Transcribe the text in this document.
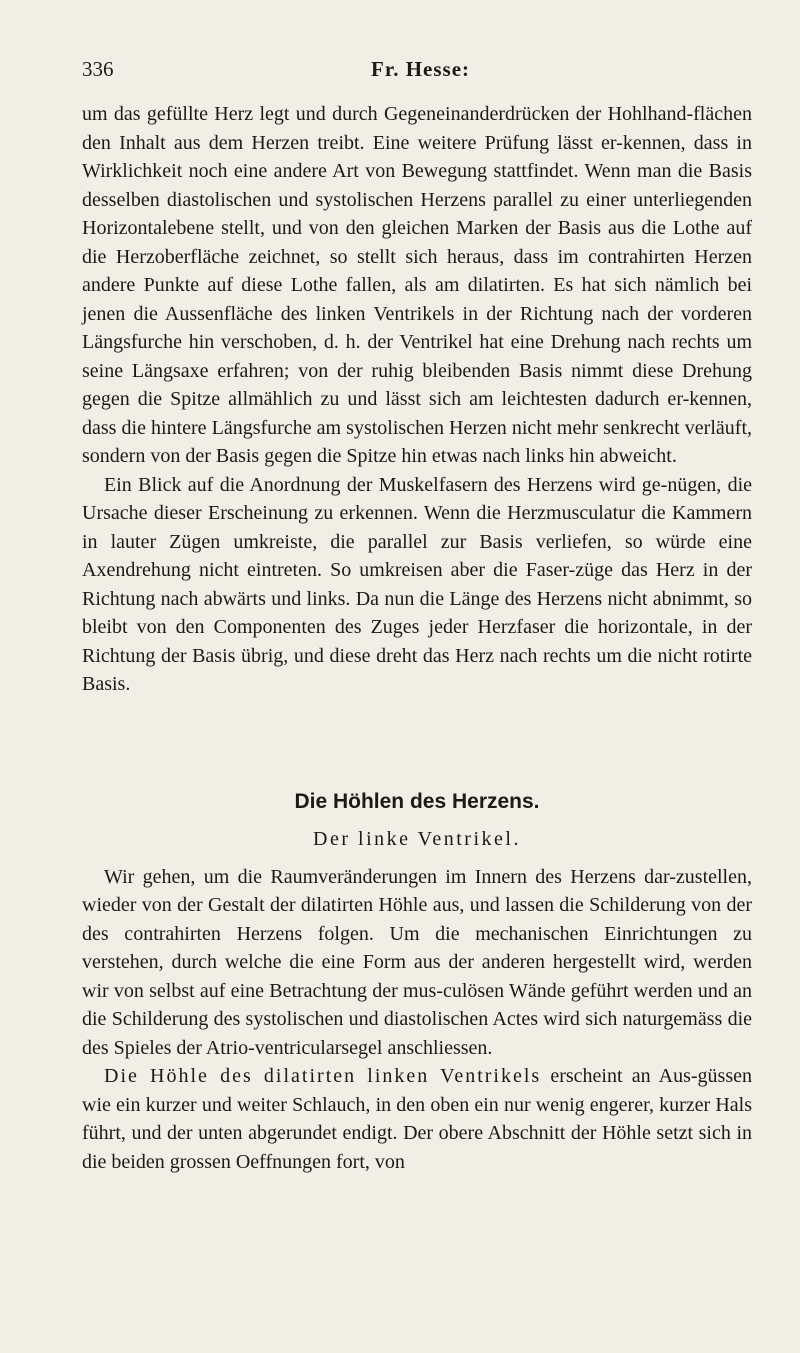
336	Fr. Hesse:

um das gefüllte Herz legt und durch Gegeneinanderdrücken der Hohlhand-flächen den Inhalt aus dem Herzen treibt. Eine weitere Prüfung lässt er-kennen, dass in Wirklichkeit noch eine andere Art von Bewegung stattfindet. Wenn man die Basis desselben diastolischen und systolischen Herzens parallel zu einer unterliegenden Horizontalebene stellt, und von den gleichen Marken der Basis aus die Lothe auf die Herzoberfläche zeichnet, so stellt sich heraus, dass im contrahirten Herzen andere Punkte auf diese Lothe fallen, als am dilatirten. Es hat sich nämlich bei jenen die Aussenfläche des linken Ventrikels in der Richtung nach der vorderen Längsfurche hin verschoben, d. h. der Ventrikel hat eine Drehung nach rechts um seine Längsaxe erfahren; von der ruhig bleibenden Basis nimmt diese Drehung gegen die Spitze allmählich zu und lässt sich am leichtesten dadurch er-kennen, dass die hintere Längsfurche am systolischen Herzen nicht mehr senkrecht verläuft, sondern von der Basis gegen die Spitze hin etwas nach links hin abweicht.

Ein Blick auf die Anordnung der Muskelfasern des Herzens wird ge-nügen, die Ursache dieser Erscheinung zu erkennen. Wenn die Herzmusculatur die Kammern in lauter Zügen umkreiste, die parallel zur Basis verliefen, so würde eine Axendrehung nicht eintreten. So umkreisen aber die Faser-züge das Herz in der Richtung nach abwärts und links. Da nun die Länge des Herzens nicht abnimmt, so bleibt von den Componenten des Zuges jeder Herzfaser die horizontale, in der Richtung der Basis übrig, und diese dreht das Herz nach rechts um die nicht rotirte Basis.

Die Höhlen des Herzens.
Der linke Ventrikel.

Wir gehen, um die Raumveränderungen im Innern des Herzens dar-zustellen, wieder von der Gestalt der dilatirten Höhle aus, und lassen die Schilderung von der des contrahirten Herzens folgen. Um die mechanischen Einrichtungen zu verstehen, durch welche die eine Form aus der anderen hergestellt wird, werden wir von selbst auf eine Betrachtung der mus-culösen Wände geführt werden und an die Schilderung des systolischen und diastolischen Actes wird sich naturgemäss die des Spieles der Atrio-ventricularsegel anschliessen.

Die Höhle des dilatirten linken Ventrikels erscheint an Aus-güssen wie ein kurzer und weiter Schlauch, in den oben ein nur wenig engerer, kurzer Hals führt, und der unten abgerundet endigt. Der obere Abschnitt der Höhle setzt sich in die beiden grossen Oeffnungen fort, von
